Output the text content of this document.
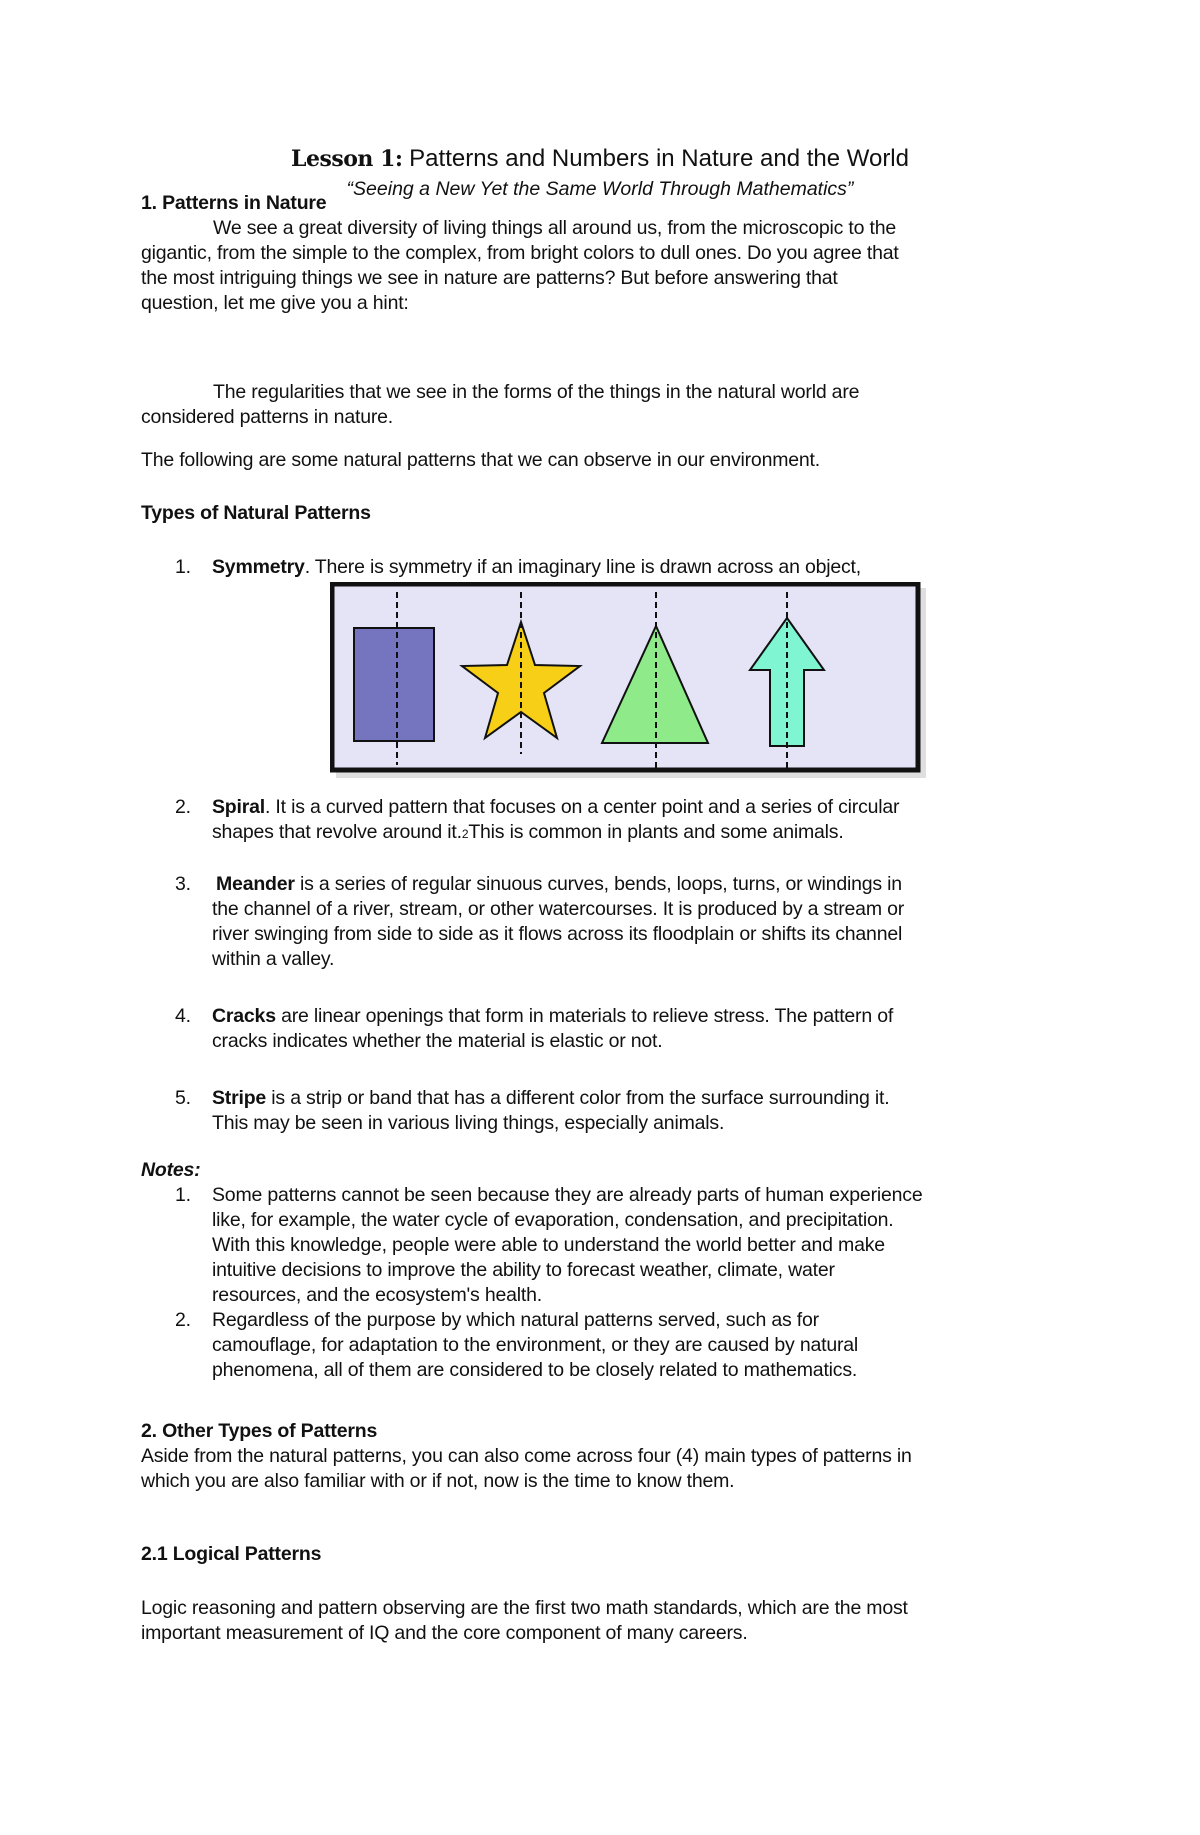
Lesson 1: Patterns and Numbers in Nature and the World
“Seeing a New Yet the Same World Through Mathematics”
1. Patterns in Nature
We see a great diversity of living things all around us, from the microscopic to the
gigantic, from the simple to the complex, from bright colors to dull ones. Do you agree that
the most intriguing things we see in nature are patterns? But before answering that
question, let me give you a hint:
The regularities that we see in the forms of the things in the natural world are
considered patterns in nature.
The following are some natural patterns that we can observe in our environment.
Types of Natural Patterns
1. Symmetry. There is symmetry if an imaginary line is drawn across an object,
2. Spiral. It is a curved pattern that focuses on a center point and a series of circular
shapes that revolve around it.2This is common in plants and some animals.
3. Meander is a series of regular sinuous curves, bends, loops, turns, or windings in
the channel of a river, stream, or other watercourses. It is produced by a stream or
river swinging from side to side as it flows across its floodplain or shifts its channel
within a valley.
4. Cracks are linear openings that form in materials to relieve stress. The pattern of
cracks indicates whether the material is elastic or not.
5. Stripe is a strip or band that has a different color from the surface surrounding it.
This may be seen in various living things, especially animals.
Notes:
1. Some patterns cannot be seen because they are already parts of human experience
like, for example, the water cycle of evaporation, condensation, and precipitation.
With this knowledge, people were able to understand the world better and make
intuitive decisions to improve the ability to forecast weather, climate, water
resources, and the ecosystem's health.
2. Regardless of the purpose by which natural patterns served, such as for
camouflage, for adaptation to the environment, or they are caused by natural
phenomena, all of them are considered to be closely related to mathematics.
2. Other Types of Patterns
Aside from the natural patterns, you can also come across four (4) main types of patterns in
which you are also familiar with or if not, now is the time to know them.
2.1 Logical Patterns
Logic reasoning and pattern observing are the first two math standards, which are the most
important measurement of IQ and the core component of many careers.
